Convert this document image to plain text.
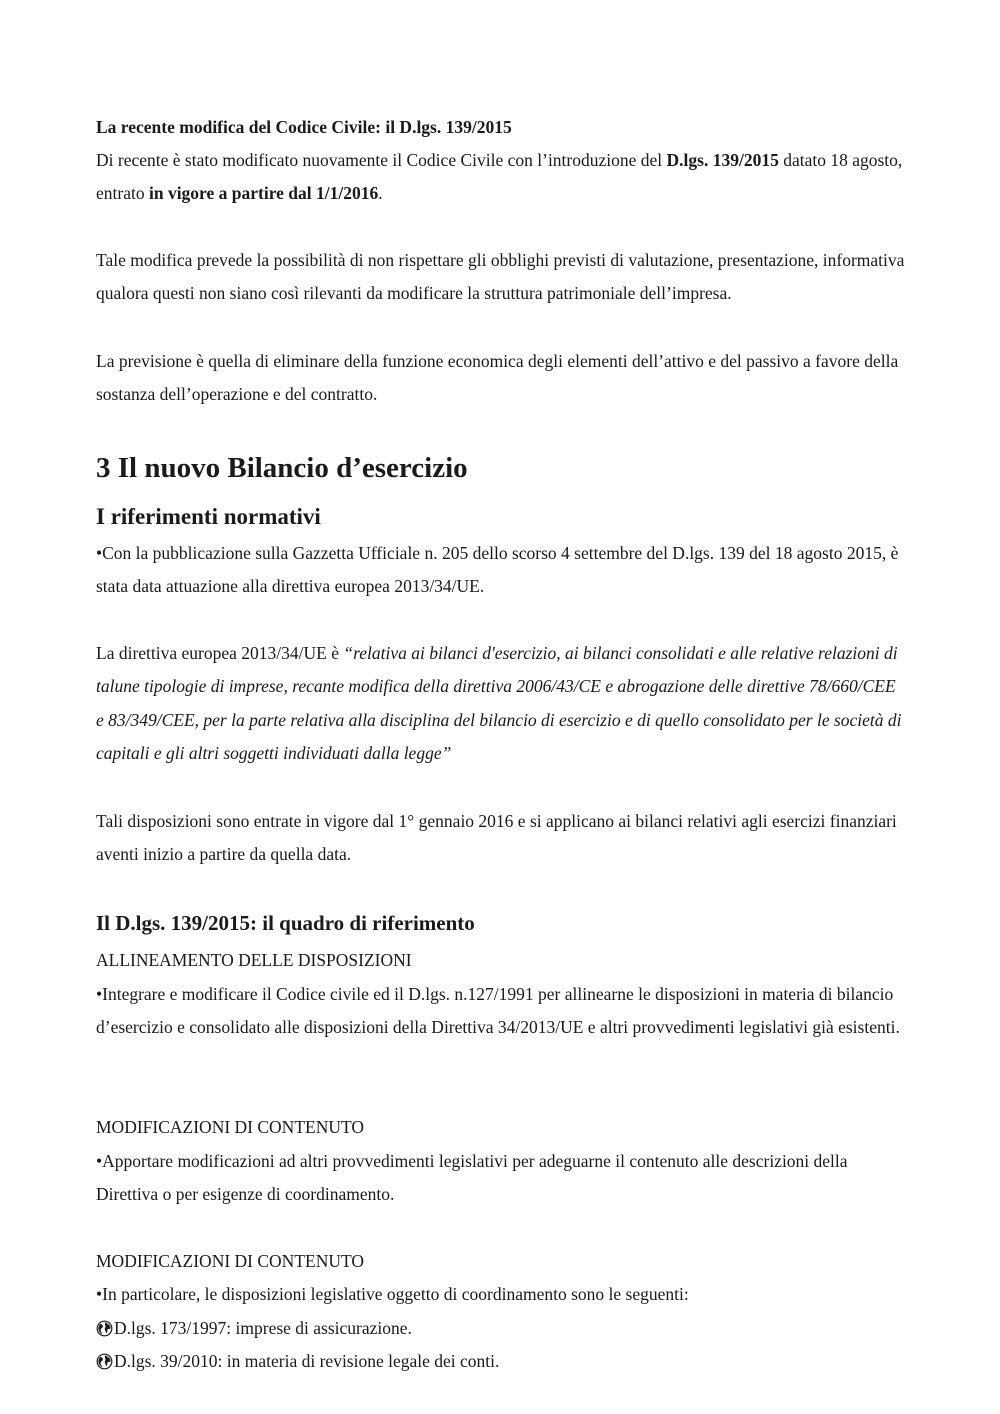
La recente modifica del Codice Civile: il D.lgs. 139/2015
Di recente è stato modificato nuovamente il Codice Civile con l’introduzione del D.lgs. 139/2015 datato 18 agosto, entrato in vigore a partire dal 1/1/2016.
Tale modifica prevede la possibilità di non rispettare gli obblighi previsti di valutazione, presentazione, informativa qualora questi non siano così rilevanti da modificare la struttura patrimoniale dell’impresa.
La previsione è quella di eliminare della funzione economica degli elementi dell’attivo e del passivo a favore della sostanza dell’operazione e del contratto.
3 Il nuovo Bilancio d’esercizio
I riferimenti normativi
•Con la pubblicazione sulla Gazzetta Ufficiale n. 205 dello scorso 4 settembre del D.lgs. 139 del 18 agosto 2015, è stata data attuazione alla direttiva europea 2013/34/UE.
La direttiva europea 2013/34/UE è “relativa ai bilanci d'esercizio, ai bilanci consolidati e alle relative relazioni di talune tipologie di imprese, recante modifica della direttiva 2006/43/CE e abrogazione delle direttive 78/660/CEE e 83/349/CEE, per la parte relativa alla disciplina del bilancio di esercizio e di quello consolidato per le società di capitali e gli altri soggetti individuati dalla legge”
Tali disposizioni sono entrate in vigore dal 1° gennaio 2016 e si applicano ai bilanci relativi agli esercizi finanziari aventi inizio a partire da quella data.
Il D.lgs. 139/2015: il quadro di riferimento
ALLINEAMENTO DELLE DISPOSIZIONI
•Integrare e modificare il Codice civile ed il D.lgs. n.127/1991 per allinearne le disposizioni in materia di bilancio d’esercizio e consolidato alle disposizioni della Direttiva 34/2013/UE e altri provvedimenti legislativi già esistenti.
MODIFICAZIONI DI CONTENUTO
•Apportare modificazioni ad altri provvedimenti legislativi per adeguarne il contenuto alle descrizioni della Direttiva o per esigenze di coordinamento.
MODIFICAZIONI DI CONTENUTO
•In particolare, le disposizioni legislative oggetto di coordinamento sono le seguenti:
D.lgs. 173/1997: imprese di assicurazione.
D.lgs. 39/2010: in materia di revisione legale dei conti.
